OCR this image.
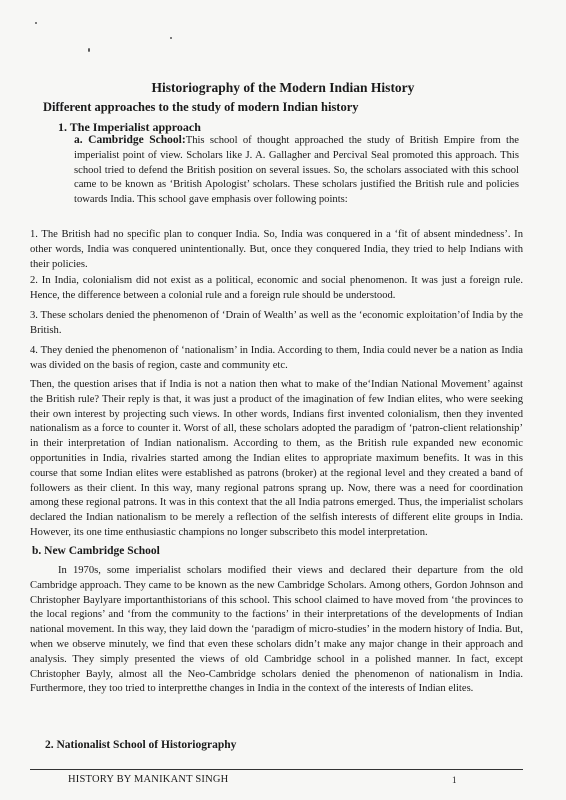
Historiography of the Modern Indian History
Different approaches to the study of modern Indian history
1. The Imperialist approach
a. Cambridge School:This school of thought approached the study of British Empire from the imperialist point of view. Scholars like J. A. Gallagher and Percival Seal promoted this approach. This school tried to defend the British position on several issues. So, the scholars associated with this school came to be known as ‘British Apologist’ scholars. These scholars justified the British rule and policies towards India. This school gave emphasis over following points:
1. The British had no specific plan to conquer India. So, India was conquered in a ‘fit of absent mindedness’. In other words, India was conquered unintentionally. But, once they conquered India, they tried to help Indians with their policies.
2. In India, colonialism did not exist as a political, economic and social phenomenon. It was just a foreign rule. Hence, the difference between a colonial rule and a foreign rule should be understood.
3. These scholars denied the phenomenon of ‘Drain of Wealth’ as well as the ‘economic exploitation’of India by the British.
4. They denied the phenomenon of ‘nationalism’ in India. According to them, India could never be a nation as India was divided on the basis of region, caste and community etc.
Then, the question arises that if India is not a nation then what to make of the‘Indian National Movement’ against the British rule? Their reply is that, it was just a product of the imagination of few Indian elites, who were seeking their own interest by projecting such views. In other words, Indians first invented colonialism, then they invented nationalism as a force to counter it. Worst of all, these scholars adopted the paradigm of ‘patron-client relationship’ in their interpretation of Indian nationalism. According to them, as the British rule expanded new economic opportunities in India, rivalries started among the Indian elites to appropriate maximum benefits. It was in this course that some Indian elites were established as patrons (broker) at the regional level and they created a band of followers as their client. In this way, many regional patrons sprang up. Now, there was a need for coordination among these regional patrons. It was in this context that the all India patrons emerged. Thus, the imperialist scholars declared the Indian nationalism to be merely a reflection of the selfish interests of different elite groups in India. However, its one time enthusiastic champions no longer subscribeto this model interpretation.
b. New Cambridge School
In 1970s, some imperialist scholars modified their views and declared their departure from the old Cambridge approach. They came to be known as the new Cambridge Scholars. Among others, Gordon Johnson and Christopher Baylyare importanthistorians of this school. This school claimed to have moved from ‘the provinces to the local regions’ and ‘from the community to the factions’ in their interpretations of the developments of Indian national movement. In this way, they laid down the ‘paradigm of micro-studies’ in the modern history of India. But, when we observe minutely, we find that even these scholars didn’t make any major change in their approach and analysis. They simply presented the views of old Cambridge school in a polished manner. In fact, except Christopher Bayly, almost all the Neo-Cambridge scholars denied the phenomenon of nationalism in India. Furthermore, they too tried to interpretthe changes in India in the context of the interests of Indian elites.
2. Nationalist School of Historiography
HISTORY BY MANIKANT SINGH	1
